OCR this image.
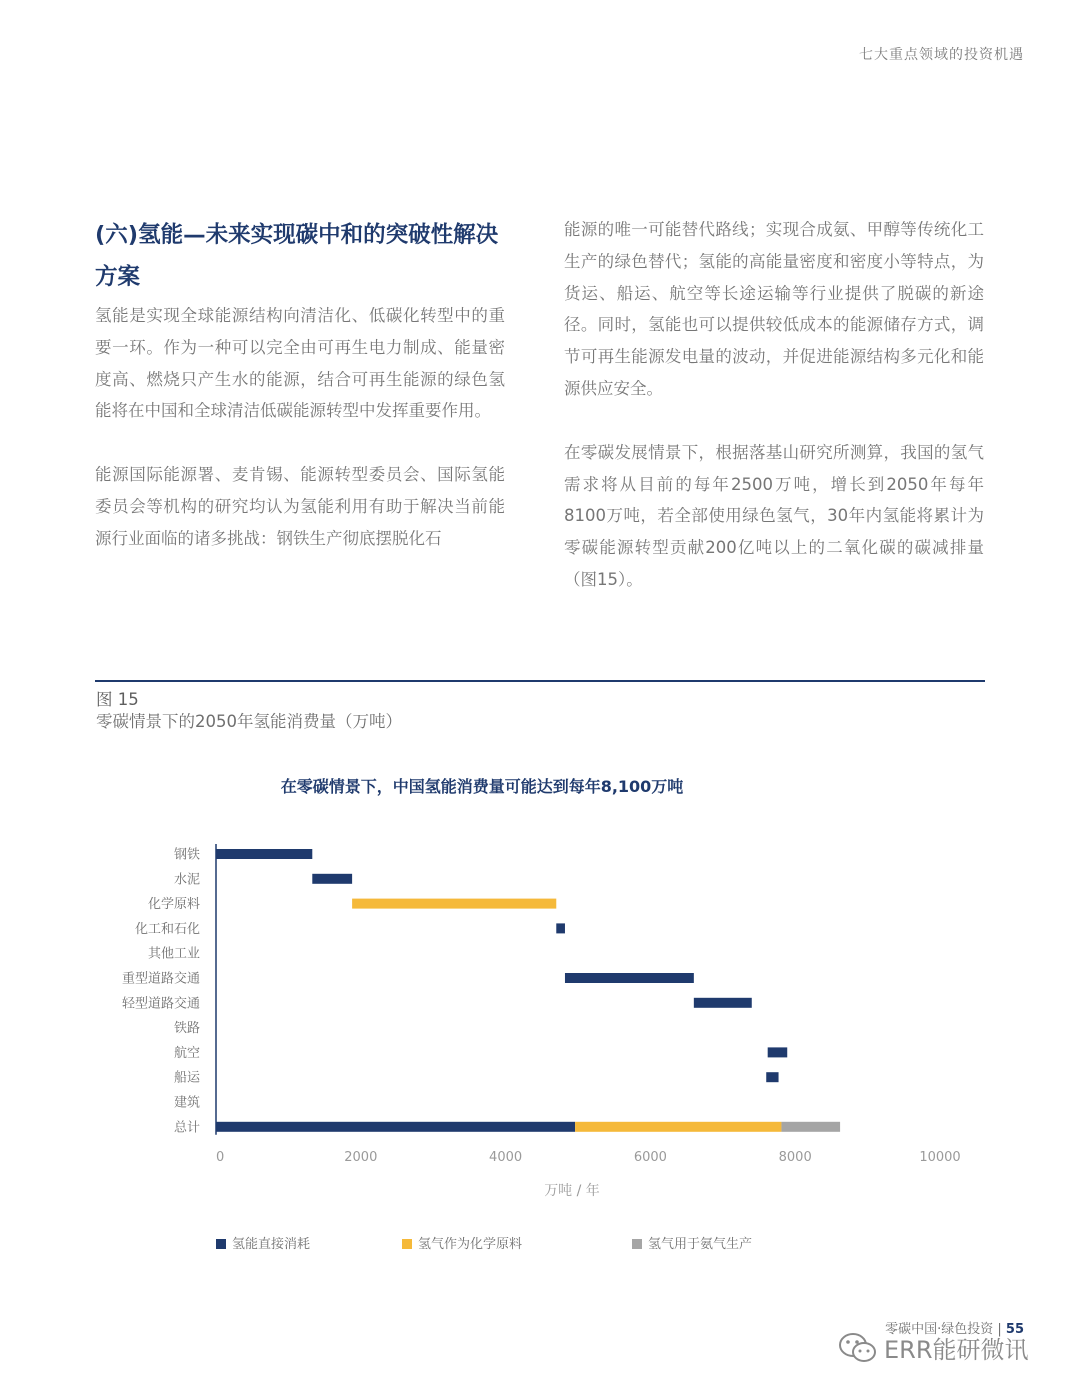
七大重点领域的投资机遇
(六)氢能—未来实现碳中和的突破性解决方案

氢能是实现全球能源结构向清洁化、低碳化转型中的重要一环。作为一种可以完全由可再生电力制成、能量密度高、燃烧只产生水的能源，结合可再生能源的绿色氢能将在中国和全球清洁低碳能源转型中发挥重要作用。

能源国际能源署、麦肯锡、能源转型委员会、国际氢能委员会等机构的研究均认为氢能利用有助于解决当前能源行业面临的诸多挑战：钢铁生产彻底摆脱化石

能源的唯一可能替代路线；实现合成氨、甲醇等传统化工生产的绿色替代；氢能的高能量密度和密度小等特点，为货运、船运、航空等长途运输等行业提供了脱碳的新途径。同时，氢能也可以提供较低成本的能源储存方式，调节可再生能源发电量的波动，并促进能源结构多元化和能源供应安全。

在零碳发展情景下，根据落基山研究所测算，我国的氢气需求将从目前的每年2500万吨，增长到2050年每年8100万吨，若全部使用绿色氢气，30年内氢能将累计为零碳能源转型贡献200亿吨以上的二氧化碳的碳减排量（图15）。

图 15
零碳情景下的2050年氢能消费量（万吨）
在零碳情景下，中国氢能消费量可能达到每年8,100万吨
钢铁
水泥
化学原料
化工和石化
其他工业
重型道路交通
轻型道路交通
铁路
航空
船运
建筑
总计
0	2000	4000	6000	8000	10000
万吨 / 年
氢能直接消耗	氢气作为化学原料	氢气用于氨气生产
零碳中国·绿色投资 | 55
ERR能研微讯
